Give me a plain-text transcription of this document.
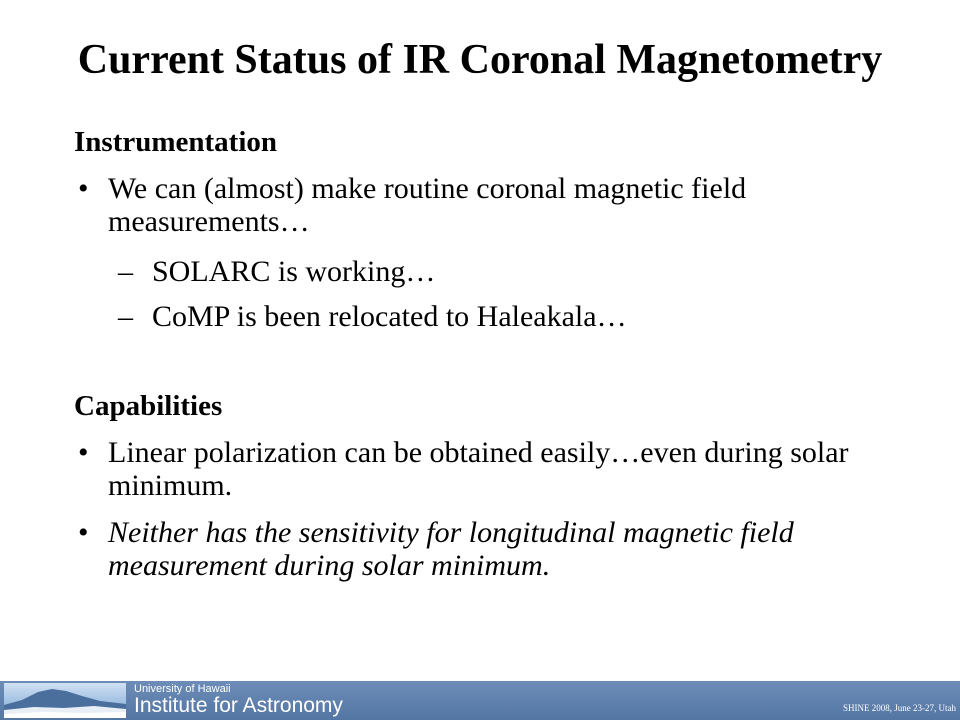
Current Status of IR Coronal Magnetometry
Instrumentation
• We can (almost) make routine coronal magnetic field measurements…
– SOLARC is working…
– CoMP is been relocated to Haleakala…
Capabilities
• Linear polarization can be obtained easily…even during solar minimum.
• Neither has the sensitivity for longitudinal magnetic field measurement during solar minimum.
University of Hawaii
Institute for Astronomy	SHINE 2008, June 23-27, Utah
